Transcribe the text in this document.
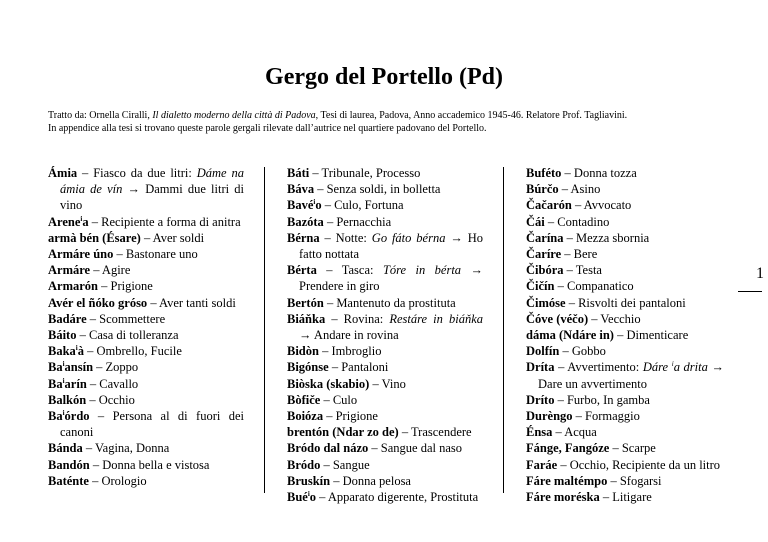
Gergo del Portello (Pd)
Tratto da: Ornella Ciralli, Il dialetto moderno della città di Padova, Tesi di laurea, Padova, Anno accademico 1945-46. Relatore Prof. Tagliavini.
In appendice alla tesi si trovano queste parole gergali rilevate dall’autrice nel quartiere padovano del Portello.

Ámia – Fiasco da due litri: Dáme na ámia de vín → Dammi due litri di vino

Arene$^i$a – Recipiente a forma di anitra

armà bén (Ésare) – Aver soldi

Armáre úno – Bastonare uno

Armáre – Agire

Armarón – Prigione

Avér el ñóko gróso – Aver tanti soldi

Badáre – Scommettere

Báito – Casa di tolleranza

Baka$^i$à – Ombrello, Fucile

Ba$^i$ansín – Zoppo

Ba$^i$arín – Cavallo

Balkón – Occhio

Ba$^i$órdo – Persona al di fuori dei canoni

Bánda – Vagina, Donna

Bandón – Donna bella e vistosa

Baténte – Orologio

Báti – Tribunale, Processo

Báva – Senza soldi, in bolletta

Bavé$^i$o – Culo, Fortuna

Bazóta – Pernacchia

Bérna – Notte: Go fáto bérna → Ho fatto nottata

Bérta – Tasca: Tóre in bérta → Prendere in giro

Bertón – Mantenuto da prostituta

Biáňka – Rovina: Restáre in biáňka → Andare in rovina

Bidòn – Imbroglio

Bigónse – Pantaloni

Biòska (skabio) – Vino

Bòfiče – Culo

Boióza – Prigione

brentón (Ndar zo de) – Trascendere

Bródo dal názo – Sangue dal naso

Bródo – Sangue

Bruskín – Donna pelosa

Bué$^i$o – Apparato digerente, Prostituta

Buféto – Donna tozza

Búrčo – Asino

Čačarón – Avvocato

Čái – Contadino

Čarína – Mezza sbornia

Čaríre – Bere

Čibóra – Testa

Čičín – Companatico

Čimóse – Risvolti dei pantaloni

Čóve (véčo) – Vecchio

dáma (Ndáre in) – Dimenticare

Dolfín – Gobbo

Dríta – Avvertimento: Dáre $^i$a drita → Dare un avvertimento

Dríto – Furbo, In gamba

Durèngo – Formaggio

Énsa – Acqua

Fánge, Fangóze – Scarpe

Faráe – Occhio, Recipiente da un litro

Fáre maltémpo – Sfogarsi

Fáre moréska – Litigare

1
